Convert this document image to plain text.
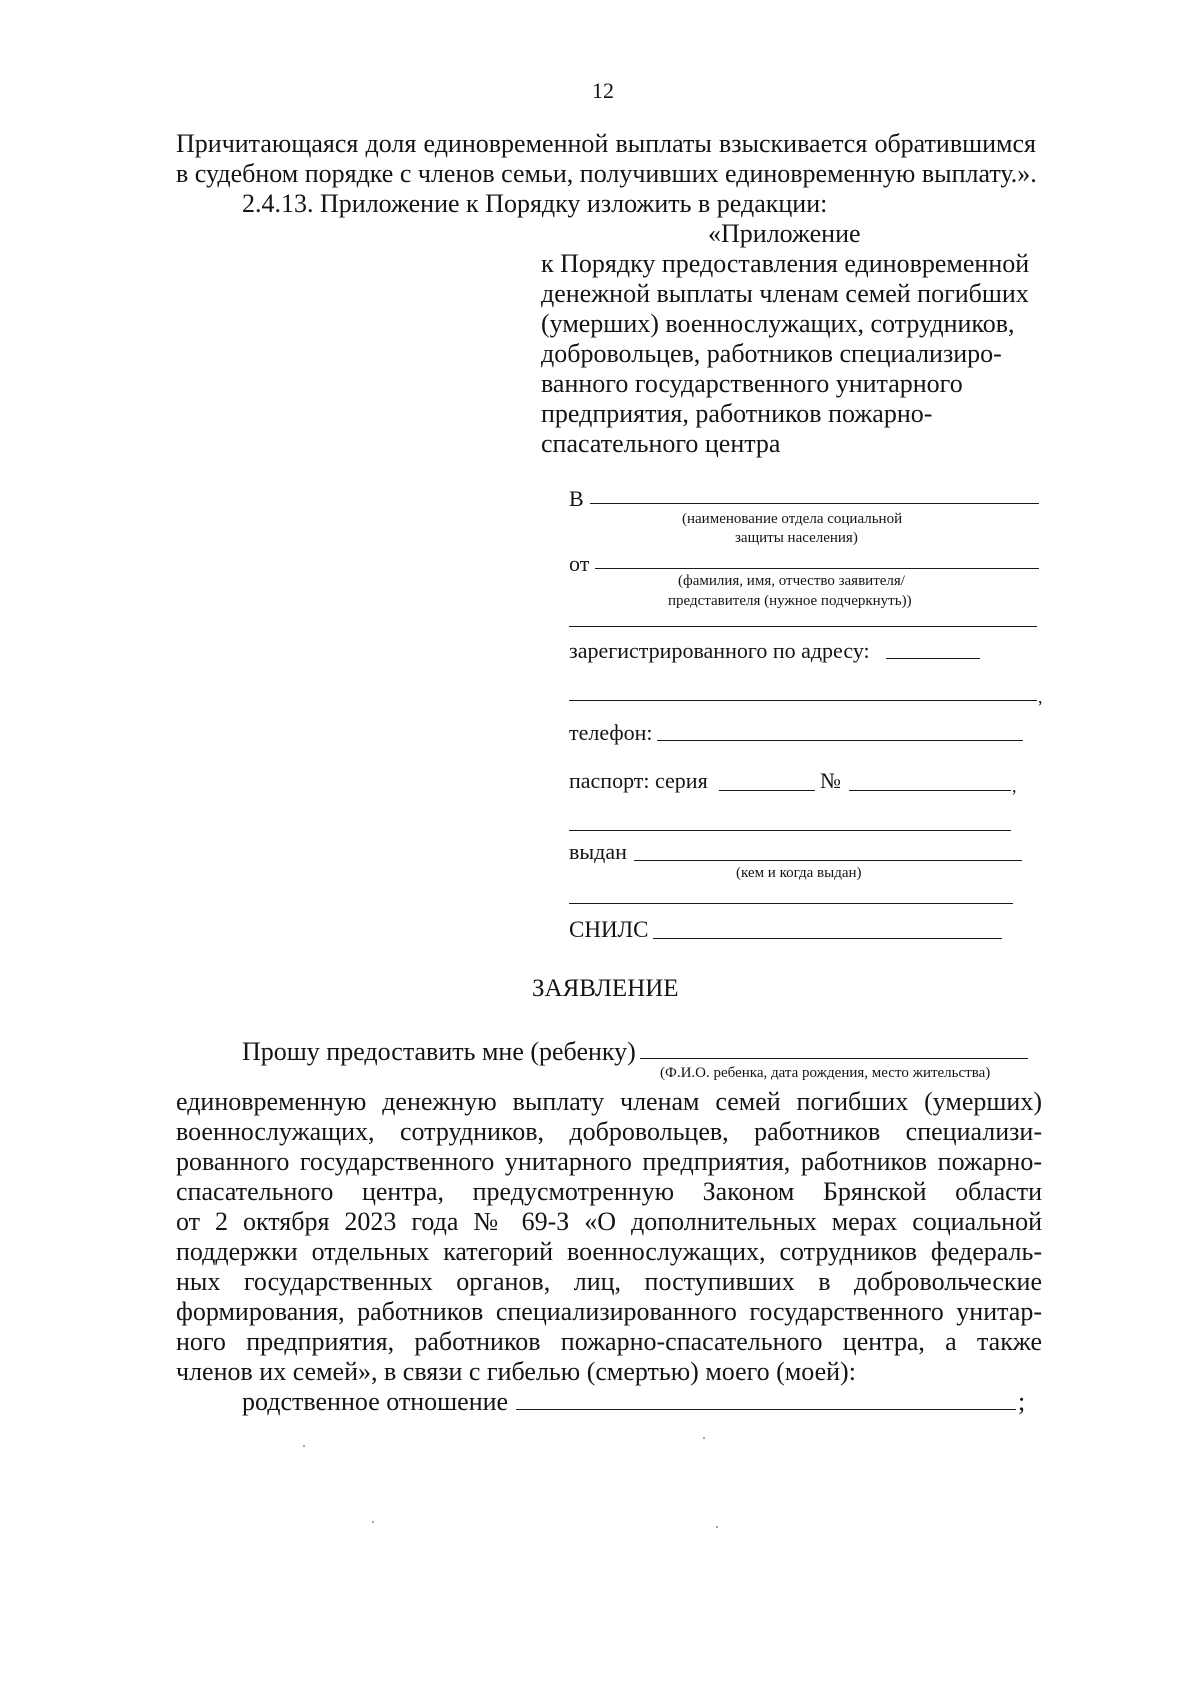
12
Причитающаяся доля единовременной выплаты взыскивается обратившимся
в судебном порядке с членов семьи, получивших единовременную выплату.».
2.4.13. Приложение к Порядку изложить в редакции:
«Приложение
к Порядку предоставления единовременной
денежной выплаты членам семей погибших
(умерших) военнослужащих, сотрудников,
добровольцев, работников специализиро-
ванного государственного унитарного
предприятия, работников пожарно-
спасательного центра
В
(наименование отдела социальной
защиты населения)
от
(фамилия, имя, отчество заявителя/
представителя (нужное подчеркнуть))
зарегистрированного по адресу:
,
телефон:
паспорт: серия	№	,
выдан
(кем и когда выдан)
СНИЛС
ЗАЯВЛЕНИЕ
Прошу предоставить мне (ребенку)
(Ф.И.О. ребенка, дата рождения, место жительства)
единовременную денежную выплату членам семей погибших (умерших)
военнослужащих, сотрудников, добровольцев, работников специализи-
рованного государственного унитарного предприятия, работников пожарно-
спасательного центра, предусмотренную Законом Брянской области
от 2 октября 2023 года № 69-З «О дополнительных мерах социальной
поддержки отдельных категорий военнослужащих, сотрудников федераль-
ных государственных органов, лиц, поступивших в добровольческие
формирования, работников специализированного государственного унитар-
ного предприятия, работников пожарно-спасательного центра, а также
членов их семей», в связи с гибелью (смертью) моего (моей):
родственное отношение	;
